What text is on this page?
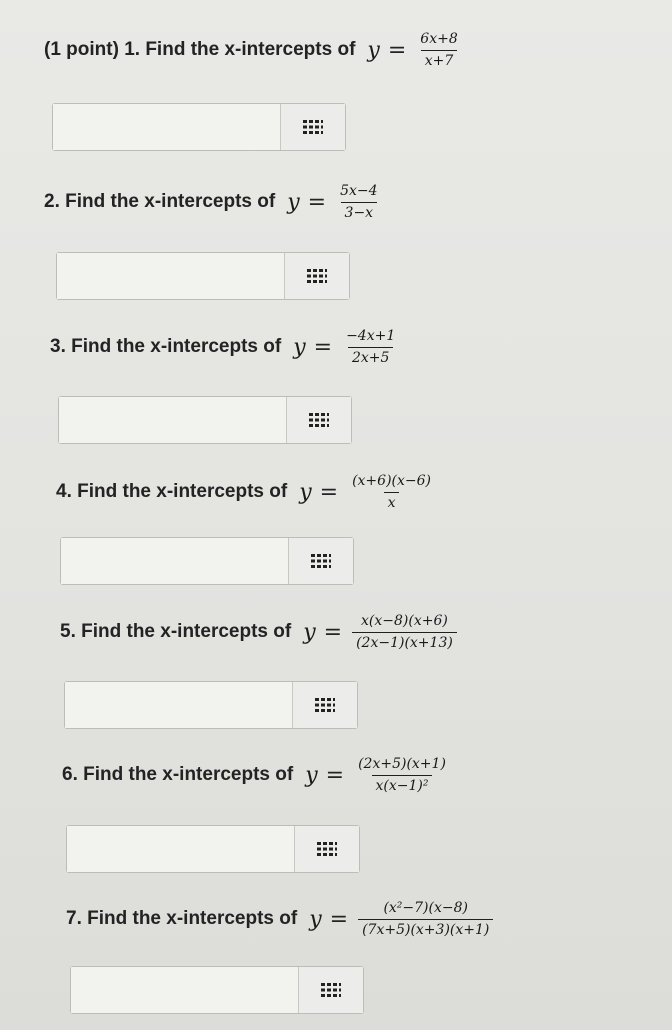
(1 point) 1. Find the x-intercepts of $y = \frac{6x+8}{x+7}$
2. Find the x-intercepts of $y = \frac{5x-4}{3-x}$
3. Find the x-intercepts of $y = \frac{-4x+1}{2x+5}$
4. Find the x-intercepts of $y = \frac{(x+6)(x-6)}{x}$
5. Find the x-intercepts of $y = \frac{x(x-8)(x+6)}{(2x-1)(x+13)}$
6. Find the x-intercepts of $y = \frac{(2x+5)(x+1)}{\text{x(x−1)²}}$
7. Find the x-intercepts of $y = \frac{\text{(x²−7)(x−8)}}{(7x+5)(x+3)(x+1)}$
